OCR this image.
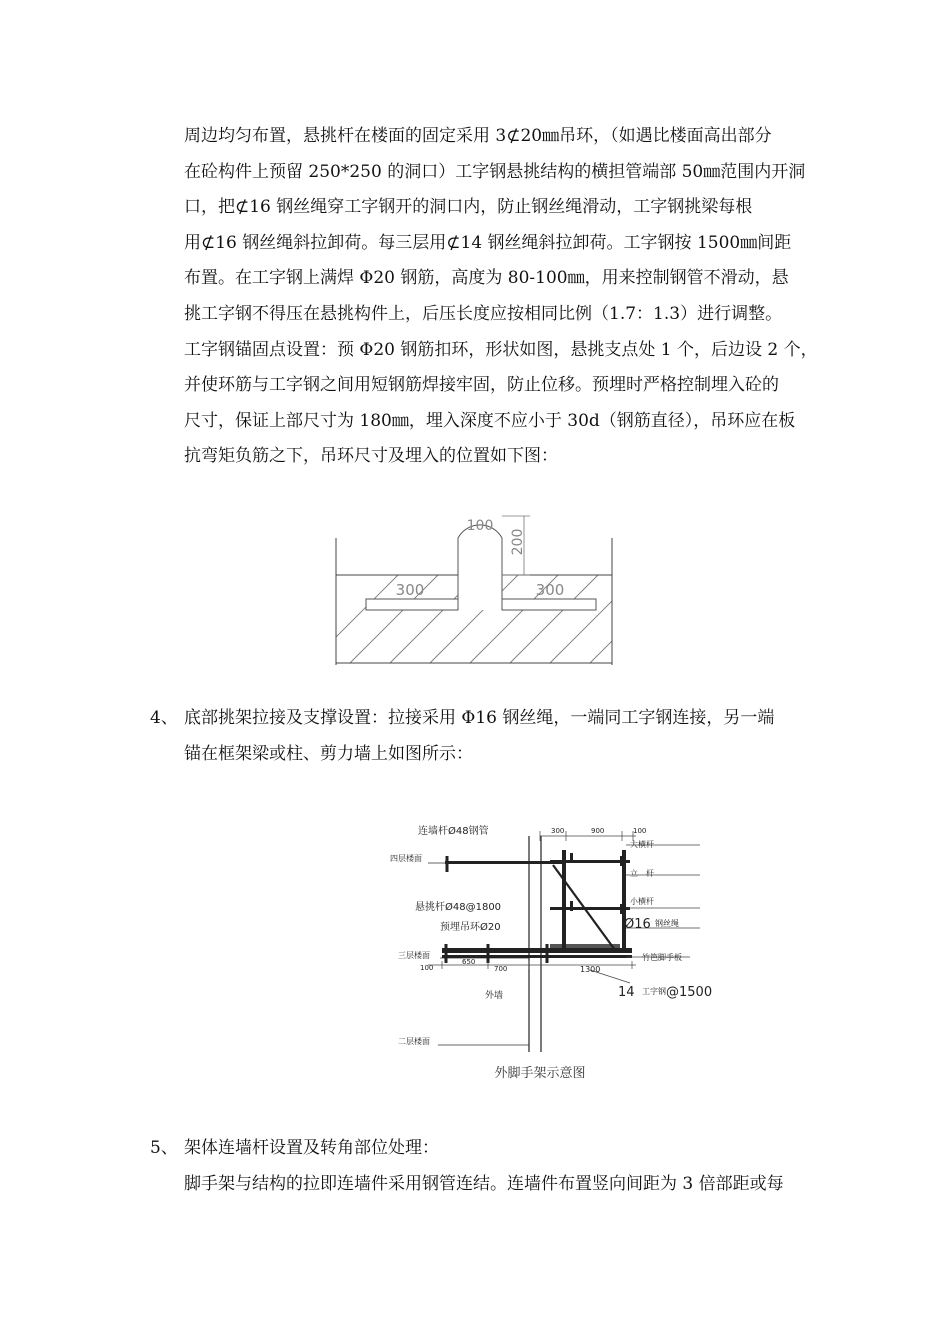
周边均匀布置，悬挑杆在楼面的固定采用 3⊄20㎜吊环，（如遇比楼面高出部分
在砼构件上预留 250*250 的洞口）工字钢悬挑结构的横担管端部 50㎜范围内开洞
口，把⊄16 钢丝绳穿工字钢开的洞口内，防止钢丝绳滑动，工字钢挑梁每根
用⊄16 钢丝绳斜拉卸荷。每三层用⊄14 钢丝绳斜拉卸荷。工字钢按 1500㎜间距
布置。在工字钢上满焊 Φ20 钢筋，高度为 80-100㎜，用来控制钢管不滑动，悬
挑工字钢不得压在悬挑构件上，后压长度应按相同比例（1.7：1.3）进行调整。
工字钢锚固点设置：预 Φ20 钢筋扣环，形状如图，悬挑支点处 1 个，后边设 2 个，
并使环筋与工字钢之间用短钢筋焊接牢固，防止位移。预埋时严格控制埋入砼的
尺寸，保证上部尺寸为 180㎜，埋入深度不应小于 30d（钢筋直径），吊环应在板
抗弯矩负筋之下，吊环尺寸及埋入的位置如下图：
100
200
300	300
4、 底部挑架拉接及支撑设置：拉接采用 Φ16 钢丝绳，一端同工字钢连接，另一端
锚在框架梁或柱、剪力墙上如图所示：
连墙杆Ø48钢管
四层楼面
悬挑杆Ø48@1800
预埋吊环Ø20
三层楼面
外墙
二层楼面
大横杆
立　杆
小横杆
Ø16 钢丝绳
竹笆脚手板
14 工字钢 @1500
300	900	100
100
650
700	1300
外脚手架示意图
5、 架体连墙杆设置及转角部位处理：
脚手架与结构的拉即连墙件采用钢管连结。连墙件布置竖向间距为 3 倍部距或每
